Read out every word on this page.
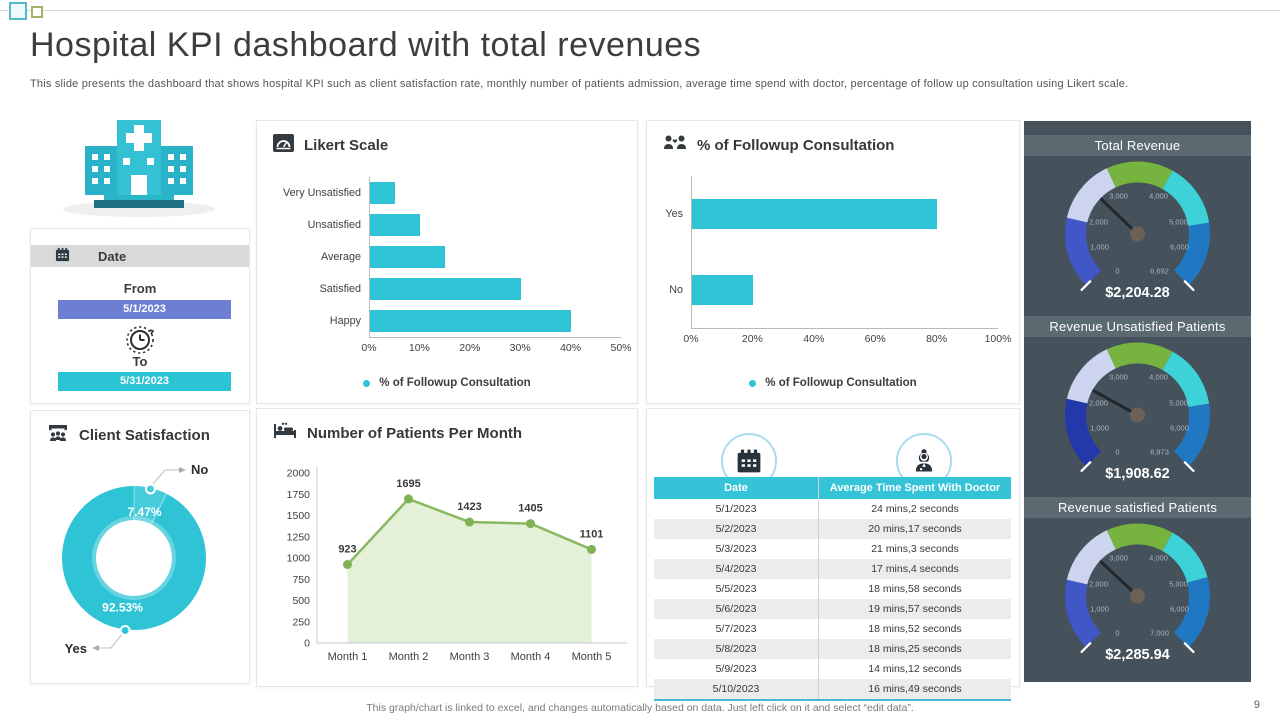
Hospital KPI dashboard with total revenues

This slide presents the dashboard that shows hospital KPI such as client satisfaction rate, monthly number of patients admission, average time spend with doctor, percentage of follow up consultation using Likert scale.

Date
From
5/1/2023
To
5/31/2023
Likert Scale
Very Unsatisfied
Unsatisfied
Average
Satisfied
Happy
0%	10%	20%	30%	40%	50%
% of Followup Consultation
% of Followup Consultation
Yes
No
0%	20%	40%	60%	80%	100%
% of Followup Consultation
Client Satisfaction
7.47%
92.53%
No
Yes
Number of Patients Per Month
0
250
500
750
1000
1250
1500
1750
2000
923
Month 1
1695
Month 2
1423
Month 3
1405
Month 4
1101
Month 5
Date	Average Time Spent With Doctor
5/1/2023	24 mins,2 seconds
5/2/2023	20 mins,17 seconds
5/3/2023	21 mins,3 seconds
5/4/2023	17 mins,4 seconds
5/5/2023	18 mins,58 seconds
5/6/2023	19 mins,57 seconds
5/7/2023	18 mins,52 seconds
5/8/2023	18 mins,25 seconds
5/9/2023	14 mins,12 seconds
5/10/2023	16 mins,49 seconds
Total Revenue
0
1,000
2,000
3,000	4,000
5,000
6,000
6,692
$2,204.28
Revenue Unsatisfied Patients
0
1,000
2,000
3,000	4,000
5,000
6,000
6,973
$1,908.62
Revenue satisfied Patients
0
1,000
2,000
3,000	4,000
5,000
6,000
7,000
$2,285.94
This graph/chart is linked to excel, and changes automatically based on data. Just left click on it and select “edit data”.	9
